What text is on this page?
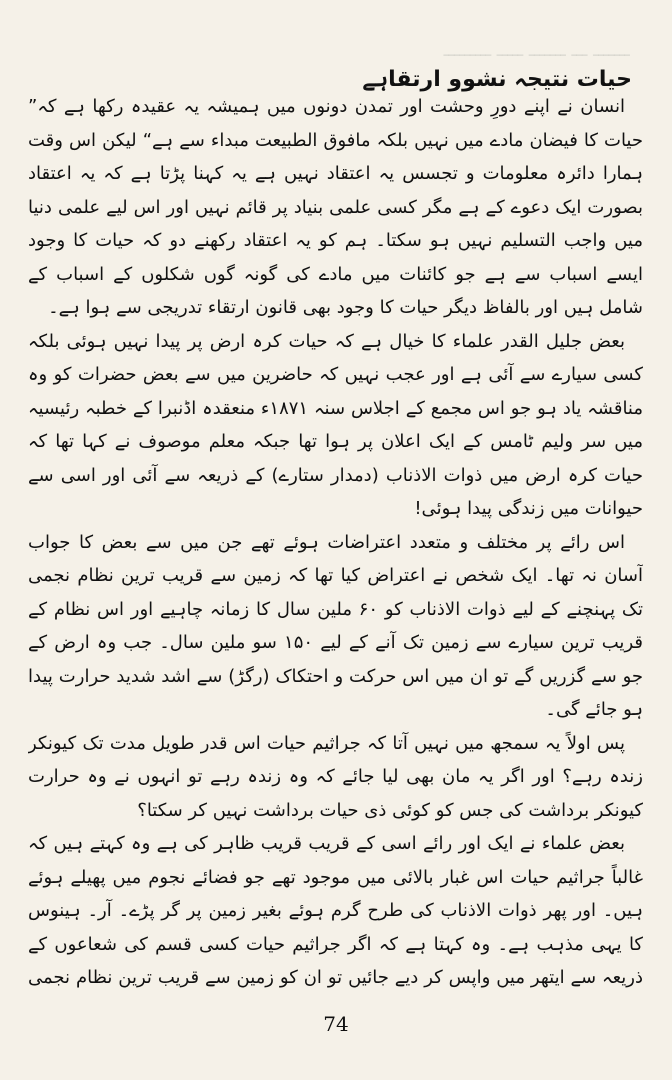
ـــــــ ـــ ـــــــ ـــــ ـــــــــ
حیات نتیجہ نشوو ارتقاہے

انسان نے اپنے دورِ وحشت اور تمدن دونوں میں ہمیشہ یہ عقیدہ رکھا ہے کہ” حیات کا فیضان مادے میں نہیں بلکہ مافوق الطبیعت مبداء سے ہے“ لیکن اس وقت ہمارا دائرہ معلومات و تجسس یہ اعتقاد نہیں ہے یہ کہنا پڑتا ہے کہ یہ اعتقاد بصورت ایک دعوے کے ہے مگر کسی علمی بنیاد پر قائم نہیں اور اس لیے علمی دنیا میں واجب التسلیم نہیں ہو سکتا۔ ہم کو یہ اعتقاد رکھنے دو کہ حیات کا وجود ایسے اسباب سے ہے جو کائنات میں مادے کی گونہ گوں شکلوں کے اسباب کے شامل ہیں اور بالفاظ دیگر حیات کا وجود بھی قانون ارتقاء تدریجی سے ہوا ہے۔

بعض جلیل القدر علماء کا خیال ہے کہ حیات کرہ ارض پر پیدا نہیں ہوئی بلکہ کسی سیارے سے آئی ہے اور عجب نہیں کہ حاضرین میں سے بعض حضرات کو وہ مناقشہ یاد ہو جو اس مجمع کے اجلاس سنہ ۱۸۷۱ء منعقدہ اڈنبرا کے خطبہ رئیسیہ میں سر ولیم ٹامس کے ایک اعلان پر ہوا تھا جبکہ معلم موصوف نے کہا تھا کہ حیات کرہ ارض میں ذوات الاذناب (دمدار ستارے) کے ذریعہ سے آئی اور اسی سے حیوانات میں زندگی پیدا ہوئی!

اس رائے پر مختلف و متعدد اعتراضات ہوئے تھے جن میں سے بعض کا جواب آسان نہ تھا۔ ایک شخص نے اعتراض کیا تھا کہ زمین سے قریب ترین نظام نجمی تک پہنچنے کے لیے ذوات الاذناب کو ۶۰ ملین سال کا زمانہ چاہیے اور اس نظام کے قریب ترین سیارے سے زمین تک آنے کے لیے ۱۵۰ سو ملین سال۔ جب وہ ارض کے جو سے گزریں گے تو ان میں اس حرکت و احتکاک (رگڑ) سے اشد شدید حرارت پیدا ہو جائے گی۔

پس اولاً یہ سمجھ میں نہیں آتا کہ جراثیم حیات اس قدر طویل مدت تک کیونکر زندہ رہے؟ اور اگر یہ مان بھی لیا جائے کہ وہ زندہ رہے تو انہوں نے وہ حرارت کیونکر برداشت کی جس کو کوئی ذی حیات برداشت نہیں کر سکتا؟

بعض علماء نے ایک اور رائے اسی کے قریب قریب ظاہر کی ہے وہ کہتے ہیں کہ غالباً جراثیم حیات اس غبار بالائی میں موجود تھے جو فضائے نجوم میں پھیلے ہوئے ہیں۔ اور پھر ذوات الاذناب کی طرح گرم ہوئے بغیر زمین پر گر پڑے۔ آر۔ ہینوس کا یہی مذہب ہے۔ وہ کہتا ہے کہ اگر جراثیم حیات کسی قسم کی شعاعوں کے ذریعہ سے ایتھر میں واپس کر دیے جائیں تو ان کو زمین سے قریب ترین نظام نجمی

74
